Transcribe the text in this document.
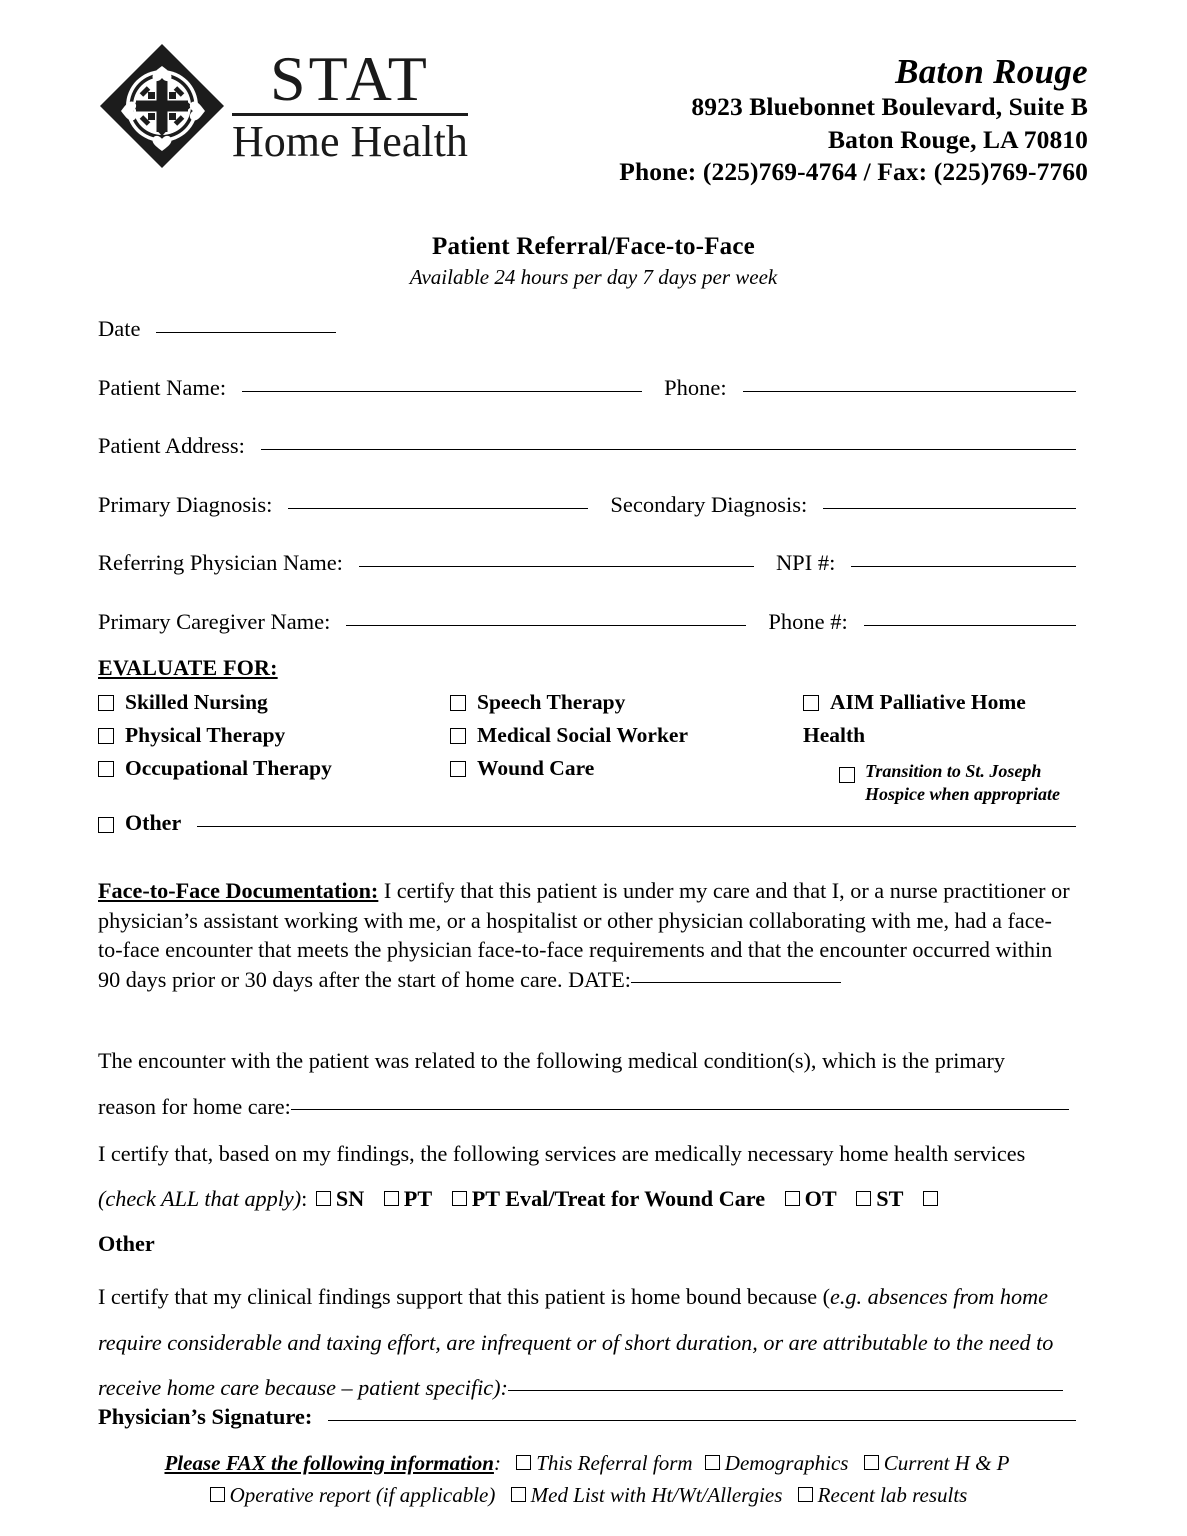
STAT
Home Health
Baton Rouge
8923 Bluebonnet Boulevard, Suite B
Baton Rouge, LA 70810
Phone: (225)769-4764 / Fax: (225)769-7760
Patient Referral/Face-to-Face
Available 24 hours per day 7 days per week
Date
Patient Name:	Phone:
Patient Address:
Primary Diagnosis:	Secondary Diagnosis:
Referring Physician Name:	NPI #:
Primary Caregiver Name:	Phone #:
EVALUATE FOR:
Skilled Nursing
Physical Therapy
Occupational Therapy
Speech Therapy
Medical Social Worker
Wound Care
AIM Palliative Home
Health
Transition to St. Joseph Hospice when appropriate
Other
Face-to-Face Documentation: I certify that this patient is under my care and that I, or a nurse practitioner or physician’s assistant working with me, or a hospitalist or other physician collaborating with me, had a face-to-face encounter that meets the physician face-to-face requirements and that the encounter occurred within 90 days prior or 30 days after the start of home care. DATE:
The encounter with the patient was related to the following medical condition(s), which is the primary
reason for home care:
I certify that, based on my findings, the following services are medically necessary home health services
(check ALL that apply): SN PT PT Eval/Treat for Wound Care OT ST
Other
I certify that my clinical findings support that this patient is home bound because (e.g. absences from home require considerable and taxing effort, are infrequent or of short duration, or are attributable to the need to receive home care because – patient specific):
Physician’s Signature:
Please FAX the following information: This Referral form Demographics Current H & P
Operative report (if applicable) Med List with Ht/Wt/Allergies Recent lab results
